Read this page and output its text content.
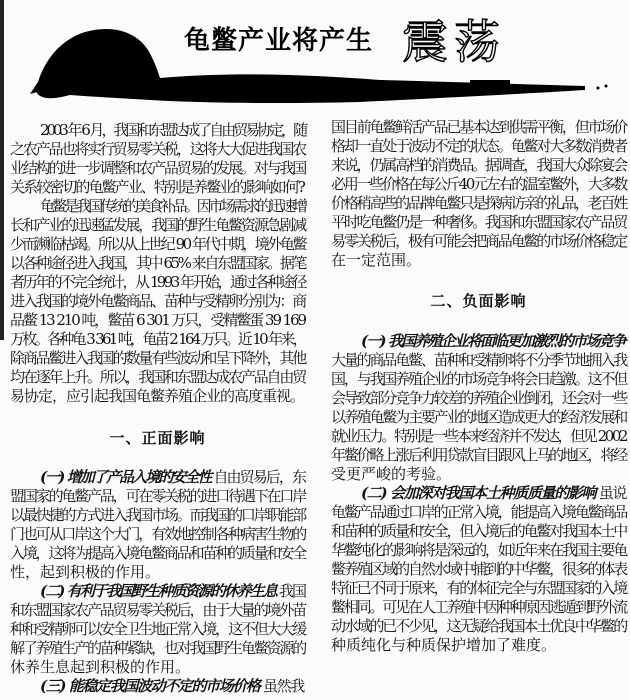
龟鳖产业将产生 震荡
2003 年 6 月，我国和东盟达成了自由贸易协定，随
之农产品也将实行贸易零关税，这将大大促进我国农
业结构的进一步调整和农产品贸易的发展。对与我国
关系较密切的龟鳖产业、特别是养鳖业的影响如何?
龟鳖是我国传统的美食补品。因市场需求的迅速增
长和产业的迅速猛发展，我国的野生龟鳖资源急剧减
少而濒临枯竭。所以从上世纪 90 年代中期，境外龟鳖
以各种途径进入我国，其中 65% 来自东盟国家。据笔
者历年的不完全统计，从 1993 年开始，通过各种途径
进入我国的境外龟鳖商品、苗种与受精卵分别为：商
品鳖 13 210 吨，鳖苗 6 301 万只，受精鳖蛋 39 169
万枚。各种龟 3 361 吨，龟苗 2 164 万只。近 10 年来，
除商品鳖进入我国的数量有些波动和呈下降外，其他
均在逐年上升。所以，我国和东盟达成农产品自由贸
易协定，应引起我国龟鳖养殖企业的高度重视。
一、正面影响
(一) 增加了产品入境的安全性 自由贸易后，东
盟国家的龟鳖产品，可在零关税的进口待遇下在口岸
以最快捷的方式进入我国市场。而我国的口岸职能部
门也可从口岸这个大门，有效地控制各种病害生物的
入境，这将为提高入境龟鳖商品和苗种的质量和安全
性，起到积极的作用。
(二) 有利于我国野生种质资源的休养生息 我国
和东盟国家农产品贸易零关税后，由于大量的境外苗
种和受精卵可以安全卫生地正常入境，这不但大大缓
解了养殖生产的苗种紧缺，也对我国野生龟鳖资源的
休养生息起到积极的作用。
(三) 能稳定我国波动不定的市场价格 虽然我
国目前龟鳖鲜活产品已基本达到供需平衡，但市场价
格却一直处于波动不定的状态。龟鳖对大多数消费者
来说，仍属高档的消费品。据调查，我国大众除宴会
必用一些价格在每公斤40元左右的温室鳖外，大多数
价格稍高些的品牌龟鳖只是探病访亲的礼品，老百姓
平时吃龟鳖仍是一种奢侈。我国和东盟国家农产品贸
易零关税后，极有可能会把商品龟鳖的市场价格稳定
在一定范围。
二、负面影响
(一) 我国养殖企业将面临更加激烈的市场竞争
大量的商品龟鳖、苗种和受精卵将不分季节地拥入我
国，与我国养殖企业的市场竞争将会日趋激。这不但
会导致部分竞争力较差的养殖企业倒闭，还会对一些
以养殖龟鳖为主要产业的地区造成更大的经济发展和
就业压力。特别是一些本来经济并不发达，但见 2002
年鳖价略上涨后利用贷款盲目跟风上马的地区，将经
受更严峻的考验。
(二) 会加深对我国本土种质质量的影响 虽说
龟鳖产品通过口岸的正常入境，能提高入境龟鳖商品
和苗种的质量和安全，但入境后的龟鳖对我国本土中
华鳖纯化的影响将是深远的，如近年来在我国主要龟
鳖养殖区域的自然水域中捕到的中华鳖，很多的体表
特征已不同于原来，有的体征完全与东盟国家的入境
鳖相同。可见在人工养殖中因种种原因逃遁到野外流
动水域的已不少见，这无疑给我国本土优良中华鳖的
种质纯化与种质保护增加了难度。
